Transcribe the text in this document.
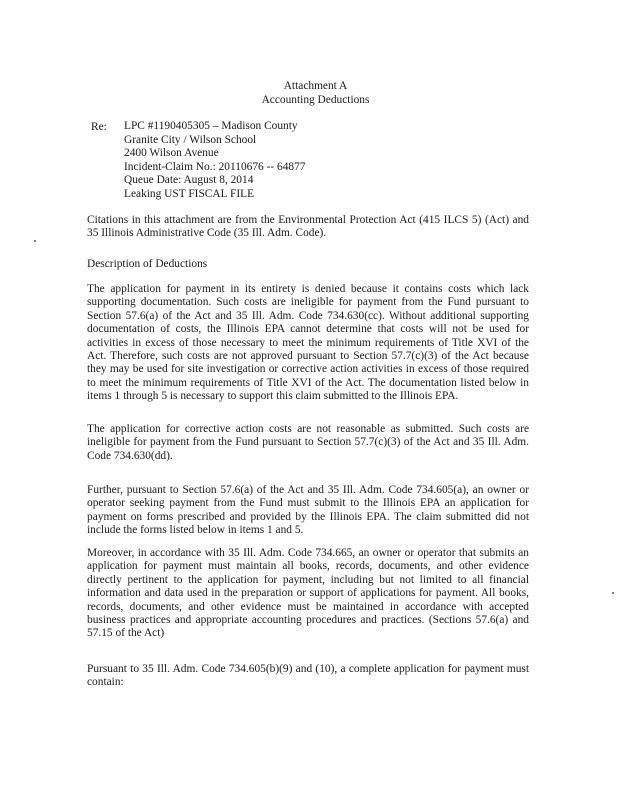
Attachment A
Accounting Deductions
Re: LPC #1190405305 – Madison County
Granite City / Wilson School
2400 Wilson Avenue
Incident-Claim No.: 20110676 -- 64877
Queue Date: August 8, 2014
Leaking UST FISCAL FILE
Citations in this attachment are from the Environmental Protection Act (415 ILCS 5) (Act) and 35 Illinois Administrative Code (35 Ill. Adm. Code).
Description of Deductions
The application for payment in its entirety is denied because it contains costs which lack supporting documentation. Such costs are ineligible for payment from the Fund pursuant to Section 57.6(a) of the Act and 35 Ill. Adm. Code 734.630(cc). Without additional supporting documentation of costs, the Illinois EPA cannot determine that costs will not be used for activities in excess of those necessary to meet the minimum requirements of Title XVI of the Act. Therefore, such costs are not approved pursuant to Section 57.7(c)(3) of the Act because they may be used for site investigation or corrective action activities in excess of those required to meet the minimum requirements of Title XVI of the Act. The documentation listed below in items 1 through 5 is necessary to support this claim submitted to the Illinois EPA.
The application for corrective action costs are not reasonable as submitted. Such costs are ineligible for payment from the Fund pursuant to Section 57.7(c)(3) of the Act and 35 Ill. Adm. Code 734.630(dd).
Further, pursuant to Section 57.6(a) of the Act and 35 Ill. Adm. Code 734.605(a), an owner or operator seeking payment from the Fund must submit to the Illinois EPA an application for payment on forms prescribed and provided by the Illinois EPA. The claim submitted did not include the forms listed below in items 1 and 5.
Moreover, in accordance with 35 Ill. Adm. Code 734.665, an owner or operator that submits an application for payment must maintain all books, records, documents, and other evidence directly pertinent to the application for payment, including but not limited to all financial information and data used in the preparation or support of applications for payment. All books, records, documents, and other evidence must be maintained in accordance with accepted business practices and appropriate accounting procedures and practices. (Sections 57.6(a) and 57.15 of the Act)
Pursuant to 35 Ill. Adm. Code 734.605(b)(9) and (10), a complete application for payment must contain:
